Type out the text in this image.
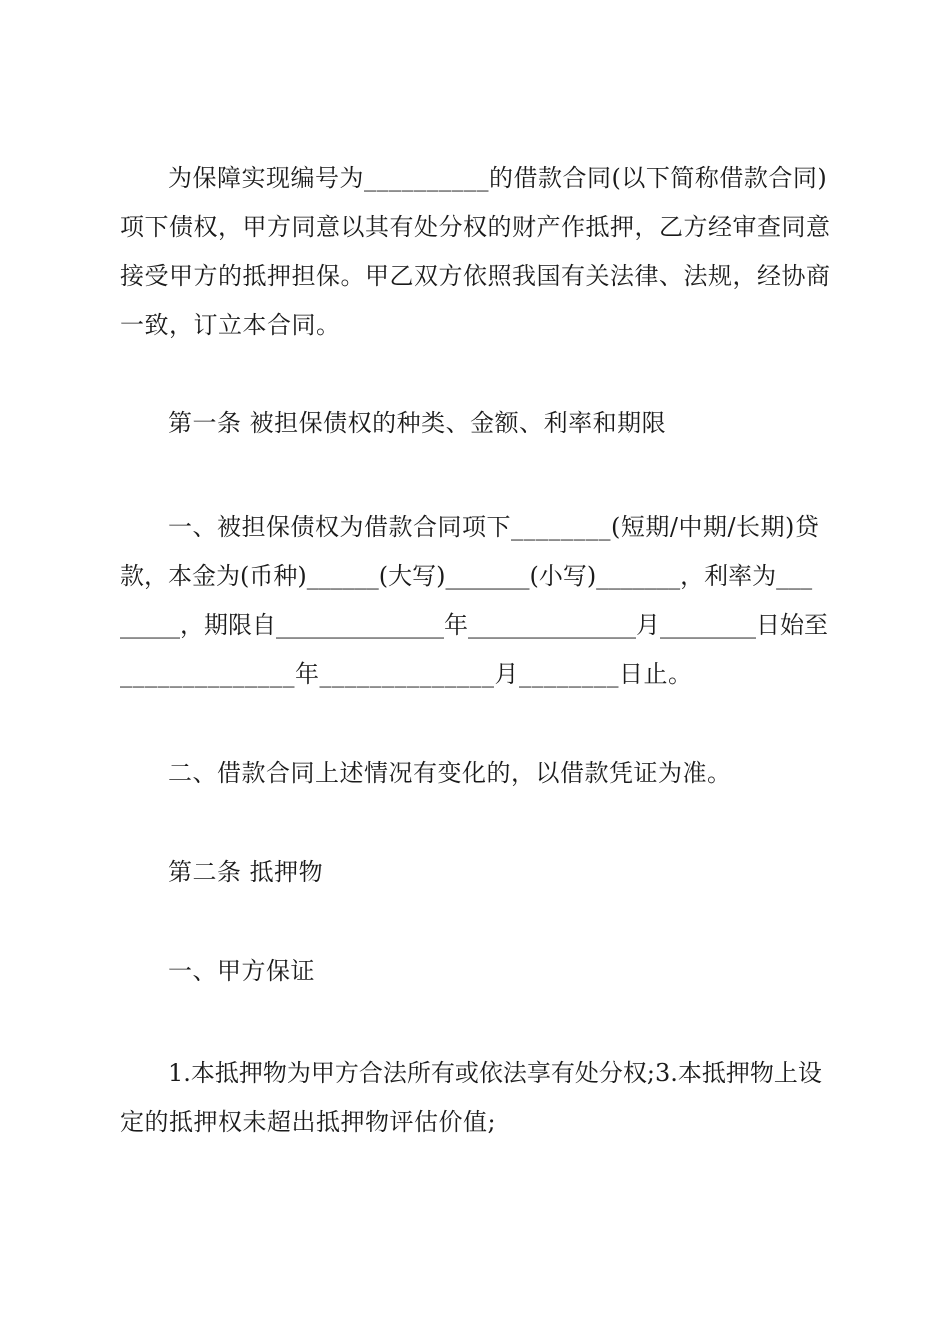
为保障实现编号为__________的借款合同(以下简称借款合同)
项下债权，甲方同意以其有处分权的财产作抵押，乙方经审查同意
接受甲方的抵押担保。甲乙双方依照我国有关法律、法规，经协商
一致，订立本合同。
第一条 被担保债权的种类、金额、利率和期限
一、被担保债权为借款合同项下________(短期/中期/长期)贷
款，本金为(币种)______(大写)_______(小写)_______，利率为___
_____，期限自______________年______________月________日始至
______________年______________月________日止。
二、借款合同上述情况有变化的，以借款凭证为准。
第二条 抵押物
一、甲方保证
1.本抵押物为甲方合法所有或依法享有处分权;3.本抵押物上设
定的抵押权未超出抵押物评估价值;
